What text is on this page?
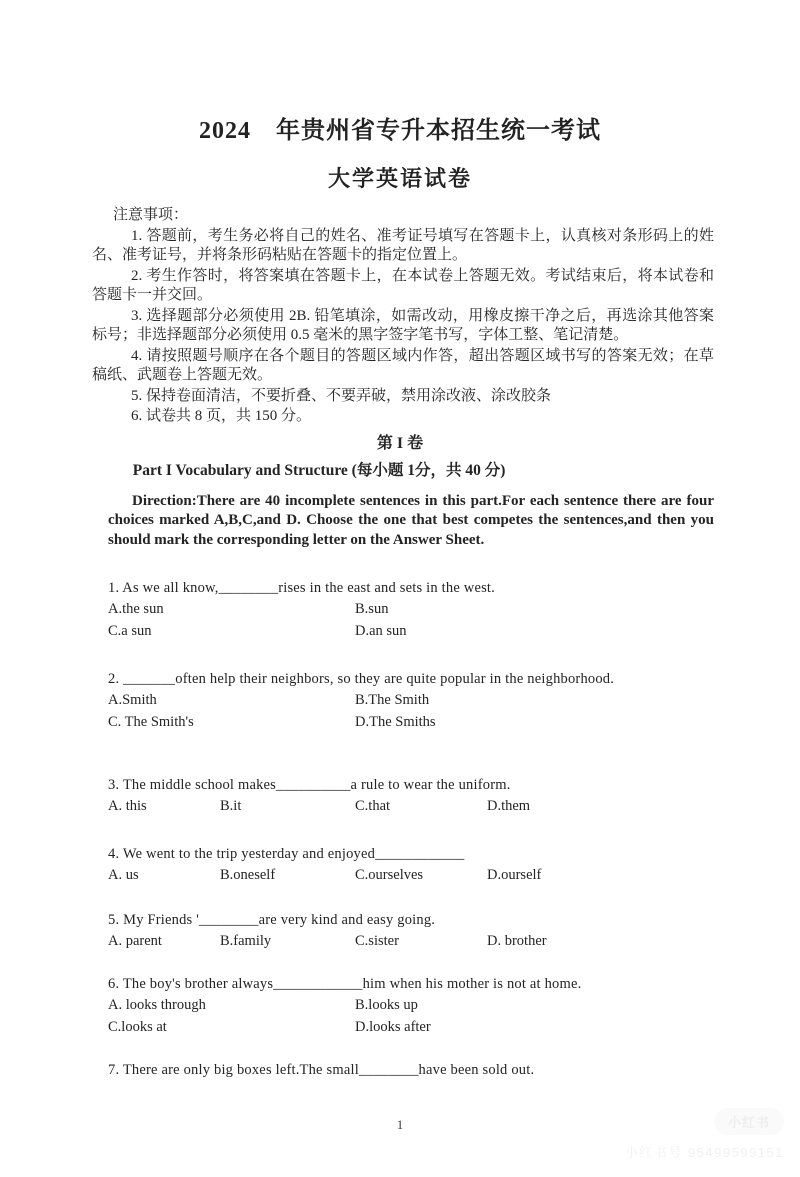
2024　年贵州省专升本招生统一考试
大学英语试卷
注意事项：

1. 答题前，考生务必将自己的姓名、准考证号填写在答题卡上，认真核对条形码上的姓名、准考证号，并将条形码粘贴在答题卡的指定位置上。

2. 考生作答时，将答案填在答题卡上，在本试卷上答题无效。考试结束后，将本试卷和答题卡一并交回。

3. 选择题部分必须使用 2B. 铅笔填涂，如需改动，用橡皮擦干净之后，再选涂其他答案标号；非选择题部分必须使用 0.5 毫米的黑字签字笔书写，字体工整、笔记清楚。

4. 请按照题号顺序在各个题目的答题区域内作答，超出答题区域书写的答案无效；在草稿纸、武题卷上答题无效。

5. 保持卷面清洁，不要折叠、不要弄破，禁用涂改液、涂改胶条

6. 试卷共 8 页，共 150 分。

第 I 卷
Part I Vocabulary and Structure (每小题 1分，共 40 分)
Direction:There are 40 incomplete sentences in this part.For each sentence there are four choices marked A,B,C,and D. Choose the one that best competes the sentences,and then you should mark the corresponding letter on the Answer Sheet.
1. As we all know,________rises in the east and sets in the west.
A.the sun	B.sun
C.a sun	D.an sun
2. _______often help their neighbors, so they are quite popular in the neighborhood.
A.Smith	B.The Smith
C. The Smith's	D.The Smiths
3. The middle school makes__________a rule to wear the uniform.
A. this	B.it	C.that	D.them
4. We went to the trip yesterday and enjoyed____________
A. us	B.oneself	C.ourselves	D.ourself
5. My Friends '________are very kind and easy going.
A. parent	B.family	C.sister	D. brother
6. The boy's brother always____________him when his mother is not at home.
A. looks through	B.looks up
C.looks at	D.looks after
7. There are only big boxes left.The small________have been sold out.
1	小红书
小红书号 95499599151
